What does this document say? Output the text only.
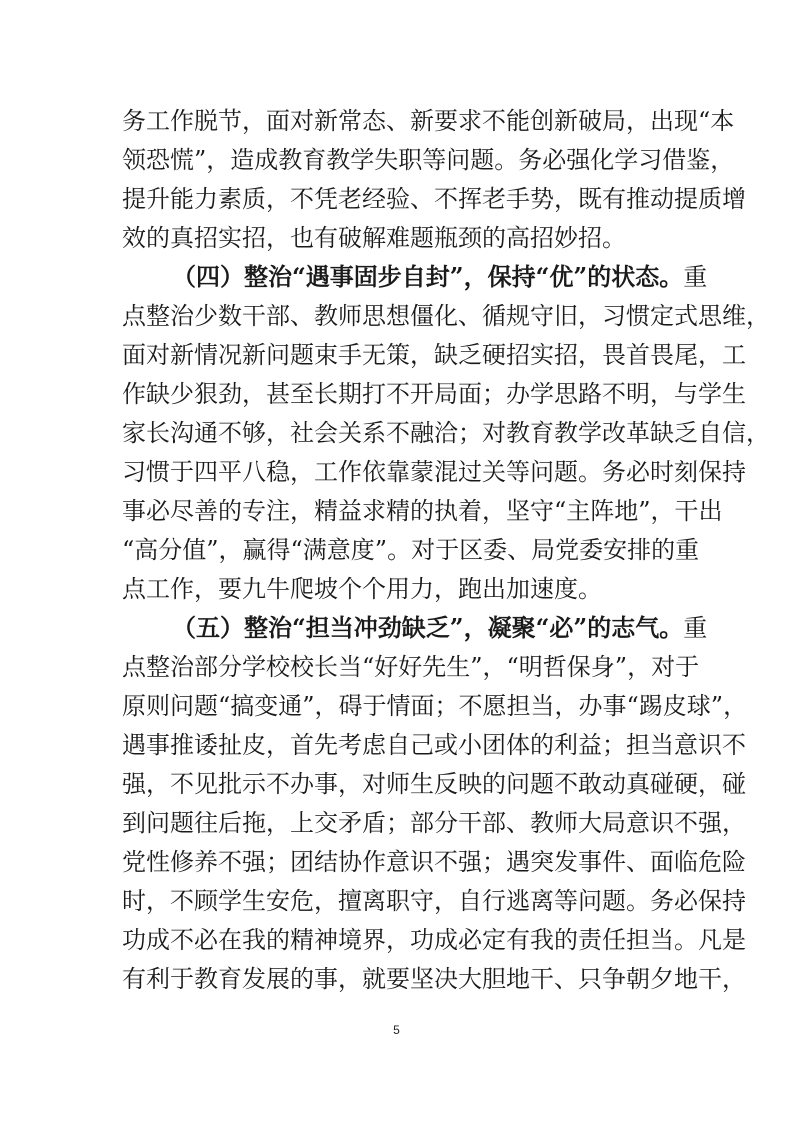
务工作脱节，面对新常态、新要求不能创新破局，出现“本
领恐慌”，造成教育教学失职等问题。务必强化学习借鉴，
提升能力素质，不凭老经验、不挥老手势，既有推动提质增
效的真招实招，也有破解难题瓶颈的高招妙招。
（四）整治“遇事固步自封”，保持“优”的状态。重
点整治少数干部、教师思想僵化、循规守旧，习惯定式思维，
面对新情况新问题束手无策，缺乏硬招实招，畏首畏尾，工
作缺少狠劲，甚至长期打不开局面；办学思路不明，与学生
家长沟通不够，社会关系不融洽；对教育教学改革缺乏自信，
习惯于四平八稳，工作依靠蒙混过关等问题。务必时刻保持
事必尽善的专注，精益求精的执着，坚守“主阵地”，干出
“高分值”，赢得“满意度”。对于区委、局党委安排的重
点工作，要九牛爬坡个个用力，跑出加速度。
（五）整治“担当冲劲缺乏”，凝聚“必”的志气。重
点整治部分学校校长当“好好先生”，“明哲保身”，对于
原则问题“搞变通”，碍于情面；不愿担当，办事“踢皮球”，
遇事推诿扯皮，首先考虑自己或小团体的利益；担当意识不
强，不见批示不办事，对师生反映的问题不敢动真碰硬，碰
到问题往后拖，上交矛盾；部分干部、教师大局意识不强，
党性修养不强；团结协作意识不强；遇突发事件、面临危险
时，不顾学生安危，擅离职守，自行逃离等问题。务必保持
功成不必在我的精神境界，功成必定有我的责任担当。凡是
有利于教育发展的事，就要坚决大胆地干、只争朝夕地干，
5
